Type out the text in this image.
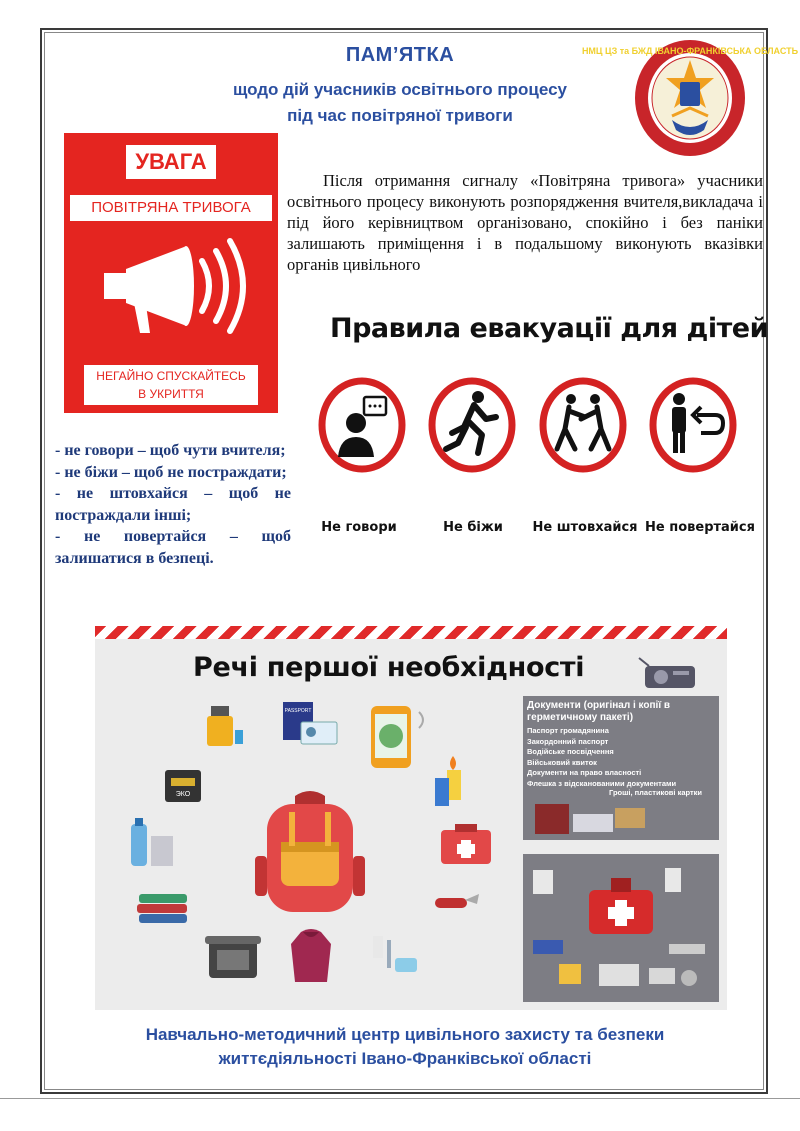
ПАМ’ЯТКА
щодо дій учасників освітнього процесу
під час повітряної тривоги
НМЦ ЦЗ та БЖД ІВАНО-ФРАНКІВСЬКА ОБЛАСТЬ
УВАГА
ПОВІТРЯНА ТРИВОГА
НЕГАЙНО СПУСКАЙТЕСЬ
В УКРИТТЯ
Після отримання сигналу «Повітряна тривога» учасники освітнього процесу виконують розпорядження вчителя,викладача і під його керівництвом організовано, спокійно і без паніки залишають приміщення і в подальшому виконують вказівки органів цивільного
Правила евакуації для дітей
Не говори	Не біжи	Не штовхайся Не повертайся
- не говори – щоб чути вчителя;
- не біжи – щоб не постраждати;
- не штовхайся – щоб не постраждали інші;
- не повертайся – щоб залишатися в безпеці.
Речі першої необхідності
PASSPORT
ЭКО
Документи (оригінал і копії в герметичному пакеті)
Паспорт громадянина
Закордонний паспорт
Водійське посвідчення
Військовий квиток
Документи на право власності
Флешка з відсканованими документами
Гроші, пластикові картки
Навчально-методичний центр цивільного захисту та безпеки
життєдіяльності Івано-Франківської області
